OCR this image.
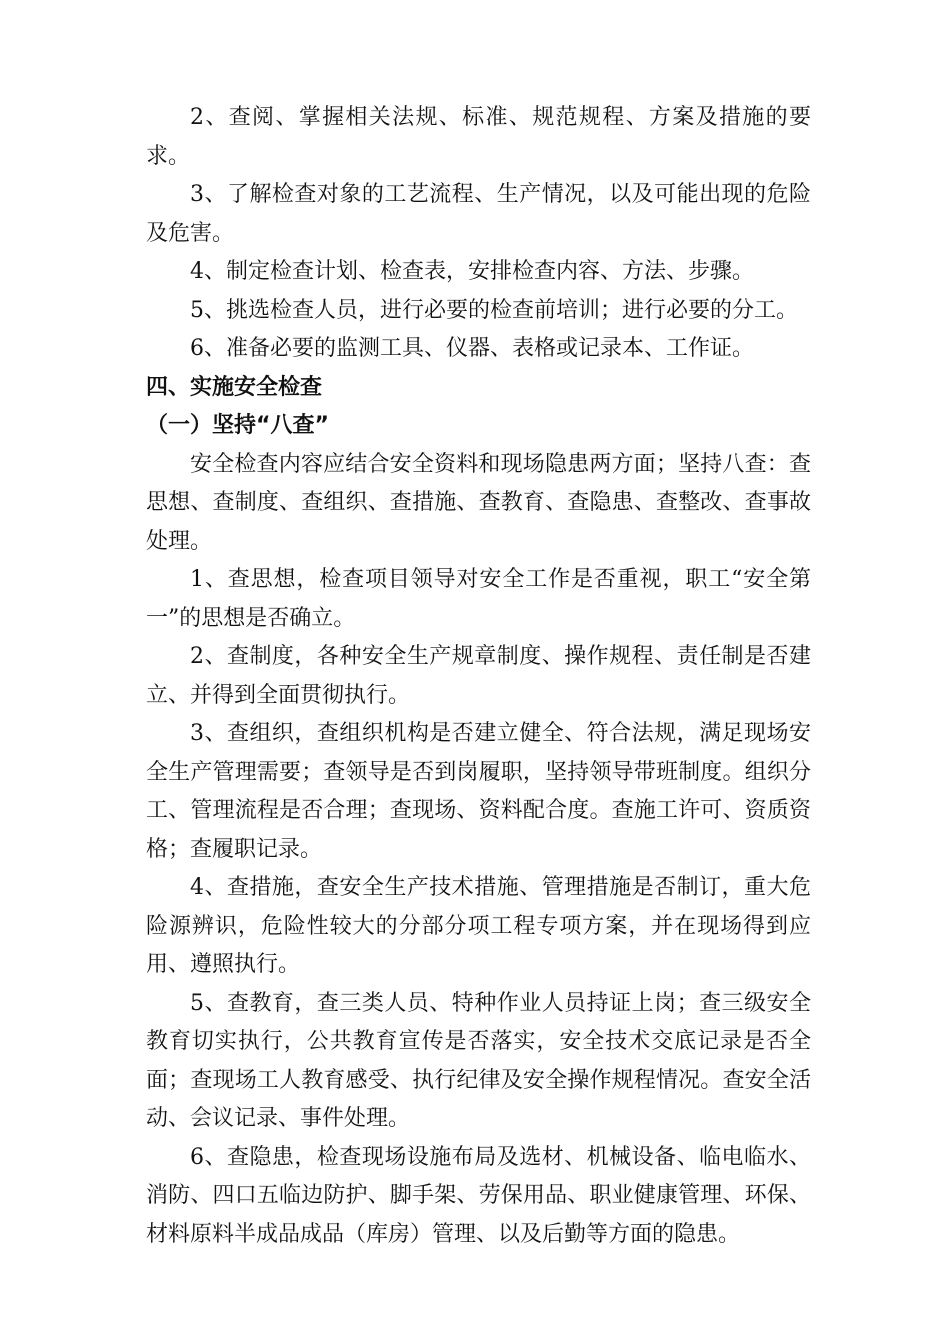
2、查阅、掌握相关法规、标准、规范规程、方案及措施的要求。

3、了解检查对象的工艺流程、生产情况，以及可能出现的危险及危害。

4、制定检查计划、检查表，安排检查内容、方法、步骤。

5、挑选检查人员，进行必要的检查前培训；进行必要的分工。

6、准备必要的监测工具、仪器、表格或记录本、工作证。

四、实施安全检查

（一）坚持“八查”

安全检查内容应结合安全资料和现场隐患两方面；坚持八查：查思想、查制度、查组织、查措施、查教育、查隐患、查整改、查事故处理。

1、查思想，检查项目领导对安全工作是否重视，职工“安全第一”的思想是否确立。

2、查制度，各种安全生产规章制度、操作规程、责任制是否建立、并得到全面贯彻执行。

3、查组织，查组织机构是否建立健全、符合法规，满足现场安全生产管理需要；查领导是否到岗履职，坚持领导带班制度。组织分工、管理流程是否合理；查现场、资料配合度。查施工许可、资质资格；查履职记录。

4、查措施，查安全生产技术措施、管理措施是否制订，重大危险源辨识，危险性较大的分部分项工程专项方案，并在现场得到应用、遵照执行。

5、查教育，查三类人员、特种作业人员持证上岗；查三级安全教育切实执行，公共教育宣传是否落实，安全技术交底记录是否全面；查现场工人教育感受、执行纪律及安全操作规程情况。查安全活动、会议记录、事件处理。

6、查隐患，检查现场设施布局及选材、机械设备、临电临水、消防、四口五临边防护、脚手架、劳保用品、职业健康管理、环保、材料原料半成品成品（库房）管理、以及后勤等方面的隐患。
